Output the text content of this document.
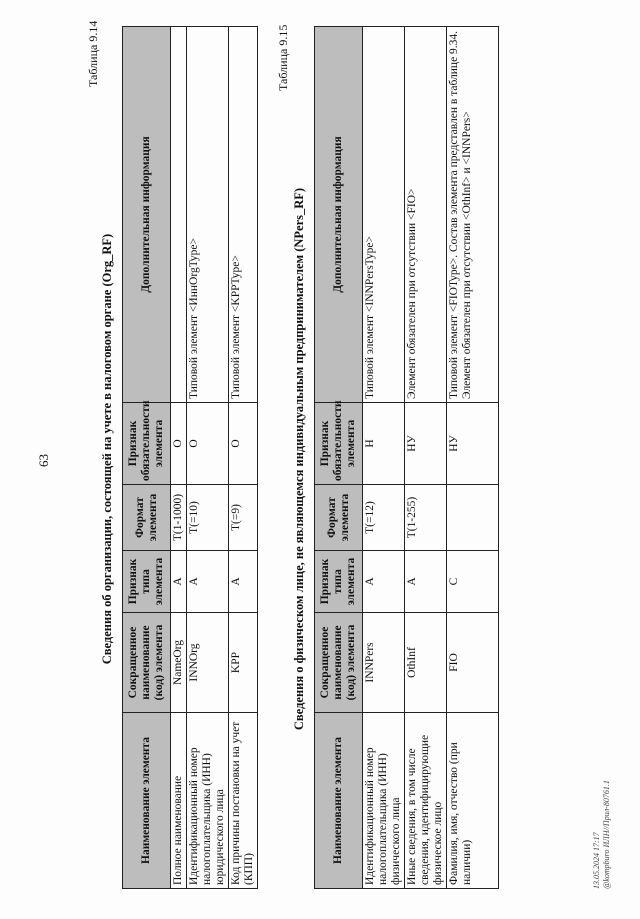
63
Таблица 9.14
Сведения об организации, состоящей на учете в налоговом органе (Org_RF)
Наименование элемента	Сокращенное наименование (код) элемента	Признак типа элемента	Формат элемента	Признак обязательности элемента	Дополнительная информация
Полное наименование	NameOrg	А	T(1-1000)	О	
Идентификационный номер налогоплательщика (ИНН) юридического лица	INNOrg	А	T(=10)	О	Типовой элемент <ИннOrgType>
Код причины постановки на учет (КПП)	KPP	А	T(=9)	О	Типовой элемент <KPPType>
Таблица 9.15
Сведения о физическом лице, не являющемся индивидуальным предпринимателем (NPers_RF)
Наименование элемента	Сокращенное наименование (код) элемента	Признак типа элемента	Формат элемента	Признак обязательности элемента	Дополнительная информация
Идентификационный номер налогоплательщика (ИНН) физического лица	INNPers	А	T(=12)	Н	Типовой элемент <INNPersType>
Иные сведения, в том числе сведения, идентифицирующие физическое лицо	OthInf	А	T(1-255)	НУ	Элемент обязателен при отсутствии <FIO>
Фамилия, имя, отчество (при наличии)	FIO	С		НУ	Типовой элемент <FIOType>. Состав элемента представлен в таблице 9.34. Элемент обязателен при отсутствии <OthInf> и <INNPers>
13.05.2024 17:17 @kompburo ИЛН//Прил-80761.1
